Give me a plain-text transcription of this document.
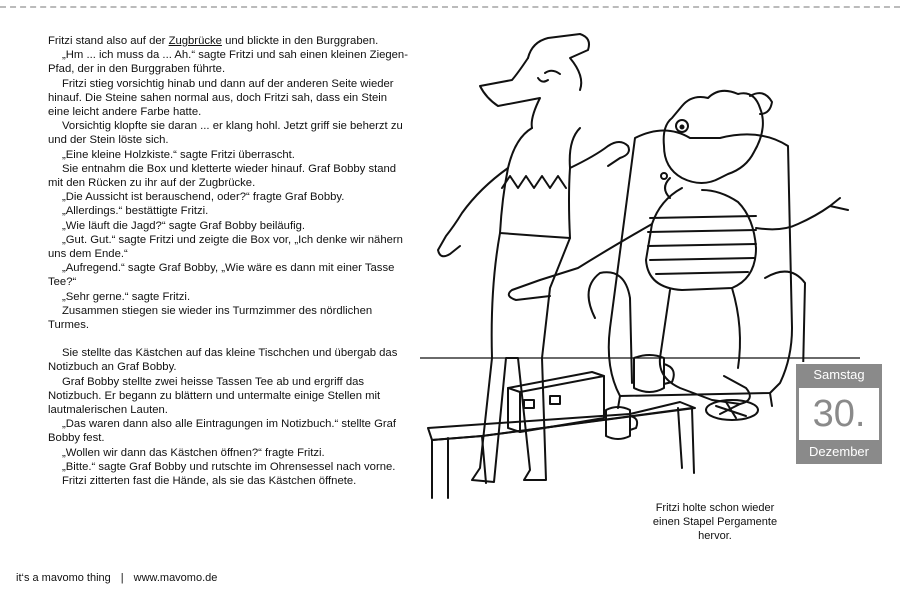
Fritzi stand also auf der Zugbrücke und blickte in den Burggraben.

„Hm ... ich muss da ... Ah.“ sagte Fritzi und sah einen kleinen Ziegen-Pfad, der in den Burggraben führte.

Fritzi stieg vorsichtig hinab und dann auf der anderen Seite wieder hinauf. Die Steine sahen normal aus, doch Fritzi sah, dass ein Stein eine leicht andere Farbe hatte.

Vorsichtig klopfte sie daran ... er klang hohl. Jetzt griff sie beherzt zu und der Stein löste sich.

„Eine kleine Holzkiste.“ sagte Fritzi überrascht.

Sie entnahm die Box und kletterte wieder hinauf. Graf Bobby stand mit den Rücken zu ihr auf der Zugbrücke.

„Die Aussicht ist berauschend, oder?“ fragte Graf Bobby.

„Allerdings.“ bestättigte Fritzi.

„Wie läuft die Jagd?“ sagte Graf Bobby beiläufig.

„Gut. Gut.“ sagte Fritzi und zeigte die Box vor, „Ich denke wir nähern uns dem Ende.“

„Aufregend.“ sagte Graf Bobby, „Wie wäre es dann mit einer Tasse Tee?“

„Sehr gerne.“ sagte Fritzi.

Zusammen stiegen sie wieder ins Turmzimmer des nördlichen Turmes.

Sie stellte das Kästchen auf das kleine Tischchen und übergab das Notizbuch an Graf Bobby.

Graf Bobby stellte zwei heisse Tassen Tee ab und ergriff das Notizbuch. Er begann zu blättern und untermalte einige Stellen mit lautmalerischen Lauten.

„Das waren dann also alle Eintragungen im Notizbuch.“ stellte Graf Bobby fest.

„Wollen wir dann das Kästchen öffnen?“ fragte Fritzi.

„Bitte.“ sagte Graf Bobby und rutschte im Ohrensessel nach vorne.

Fritzi zitterten fast die Hände, als sie das Kästchen öffnete.

Fritzi holte schon wieder einen Stapel Pergamente hervor.
Samstag
30.
Dezember
it‘s a mavomo thing | www.mavomo.de
